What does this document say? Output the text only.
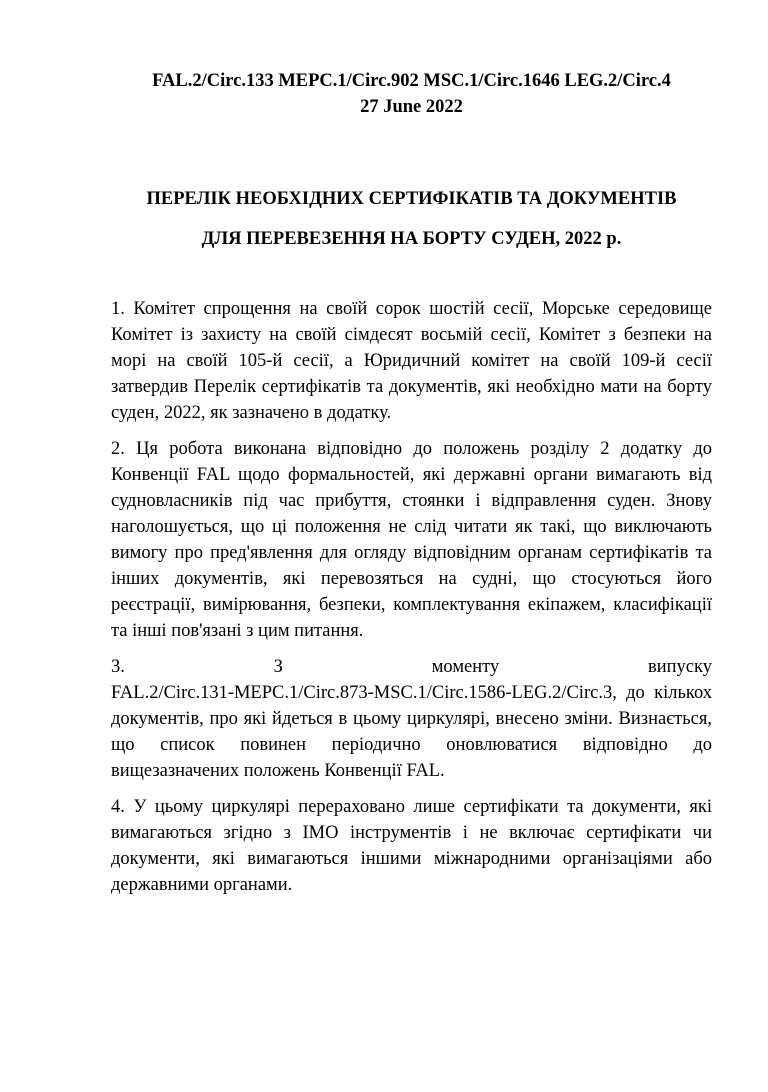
FAL.2/Circ.133 MEPC.1/Circ.902 MSC.1/Circ.1646 LEG.2/Circ.4
27 June 2022
ПЕРЕЛІК НЕОБХІДНИХ СЕРТИФІКАТІВ ТА ДОКУМЕНТІВ
ДЛЯ ПЕРЕВЕЗЕННЯ НА БОРТУ СУДЕН, 2022 р.

1. Комітет спрощення на своїй сорок шостій сесії, Морське середовище Комітет із захисту на своїй сімдесят восьмій сесії, Комітет з безпеки на морі на своїй 105-й сесії, а Юридичний комітет на своїй 109-й сесії затвердив Перелік сертифікатів та документів, які необхідно мати на борту суден, 2022, як зазначено в додатку.

2. Ця робота виконана відповідно до положень розділу 2 додатку до Конвенції FAL щодо формальностей, які державні органи вимагають від судновласників під час прибуття, стоянки і відправлення суден. Знову наголошується, що ці положення не слід читати як такі, що виключають вимогу про пред'явлення для огляду відповідним органам сертифікатів та інших документів, які перевозяться на судні, що стосуються його реєстрації, вимірювання, безпеки, комплектування екіпажем, класифікації та інші пов'язані з цим питання.

3.	З	моменту	випуску
FAL.2/Circ.131-MEPC.1/Circ.873-MSC.1/Circ.1586-LEG.2/Circ.3, до кількох документів, про які йдеться в цьому циркулярі, внесено зміни. Визнається, що список повинен періодично оновлюватися відповідно до вищезазначених положень Конвенції FAL.

4. У цьому циркулярі перераховано лише сертифікати та документи, які вимагаються згідно з IMO інструментів і не включає сертифікати чи документи, які вимагаються іншими міжнародними організаціями або державними органами.
